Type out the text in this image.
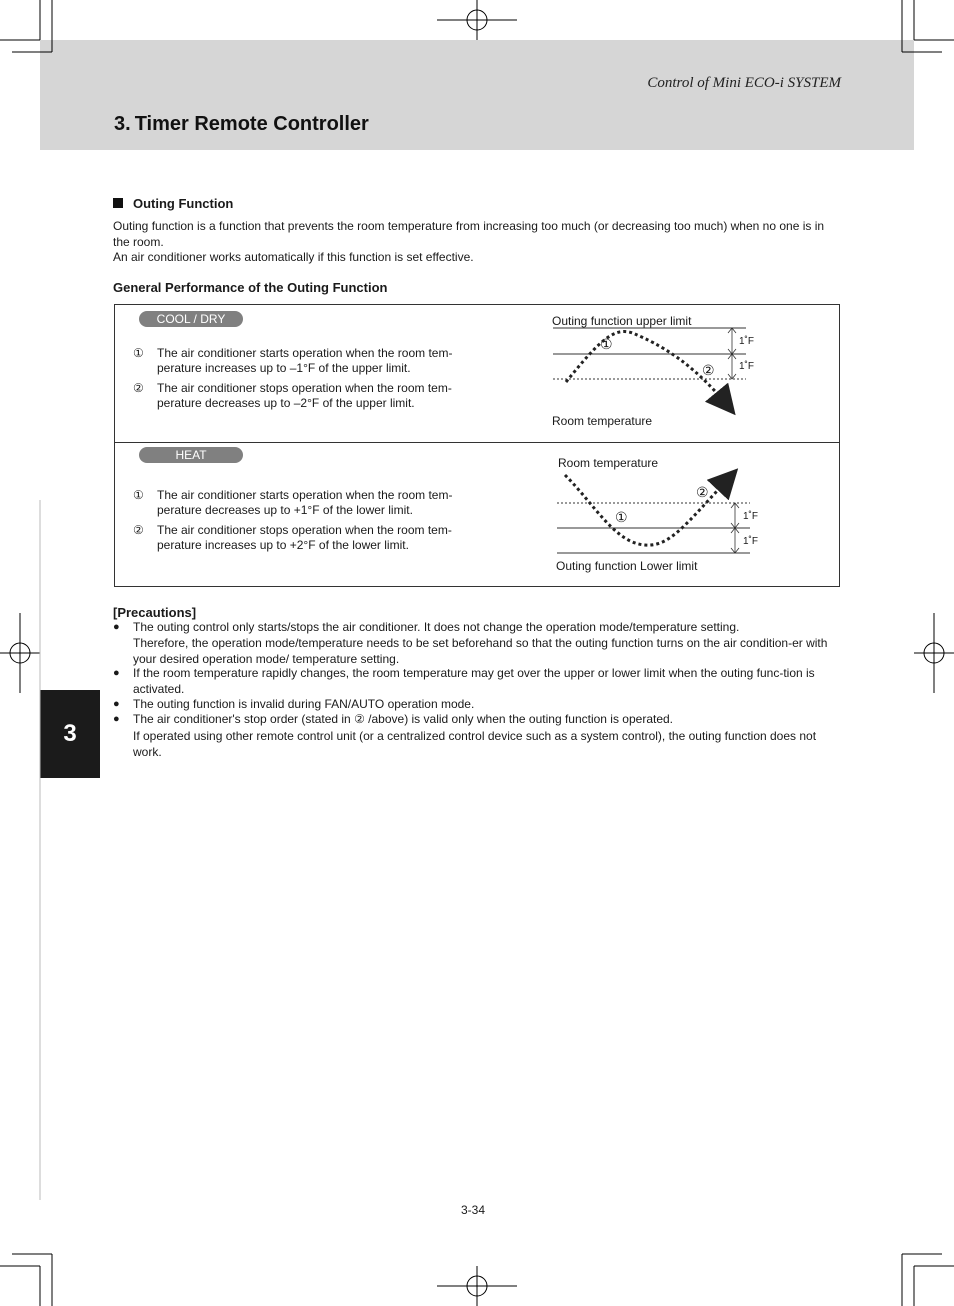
Control of Mini ECO-i SYSTEM
3. Timer Remote Controller
Outing Function

Outing function is a function that prevents the room temperature from increasing too much (or decreasing too much) when no one is in the room.

An air conditioner works automatically if this function is set effective.

General Performance of the Outing Function
COOL / DRY
① The air conditioner starts operation when the room tem-perature increases up to –1°F of the upper limit.
② The air conditioner stops operation when the room tem-perature decreases up to –2°F of the upper limit.
Outing function upper limit
Room temperature
①
②
1˚F
1˚F
HEAT
① The air conditioner starts operation when the room tem-perature decreases up to +1°F of the lower limit.
② The air conditioner stops operation when the room tem-perature increases up to +2°F of the lower limit.
Room temperature
Outing function Lower limit
②
①	1˚F
1˚F
[Precautions]
● The outing control only starts/stops the air conditioner. It does not change the operation mode/temperature setting.
Therefore, the operation mode/temperature needs to be set beforehand so that the outing function turns on the air condition-er with your desired operation mode/ temperature setting.
● If the room temperature rapidly changes, the room temperature may get over the upper or lower limit when the outing func-tion is activated.
● The outing function is invalid during FAN/AUTO operation mode.
● The air conditioner's stop order (stated in ② /above) is valid only when the outing function is operated.
If operated using other remote control unit (or a centralized control device such as a system control), the outing function does not work.
3
3-34
